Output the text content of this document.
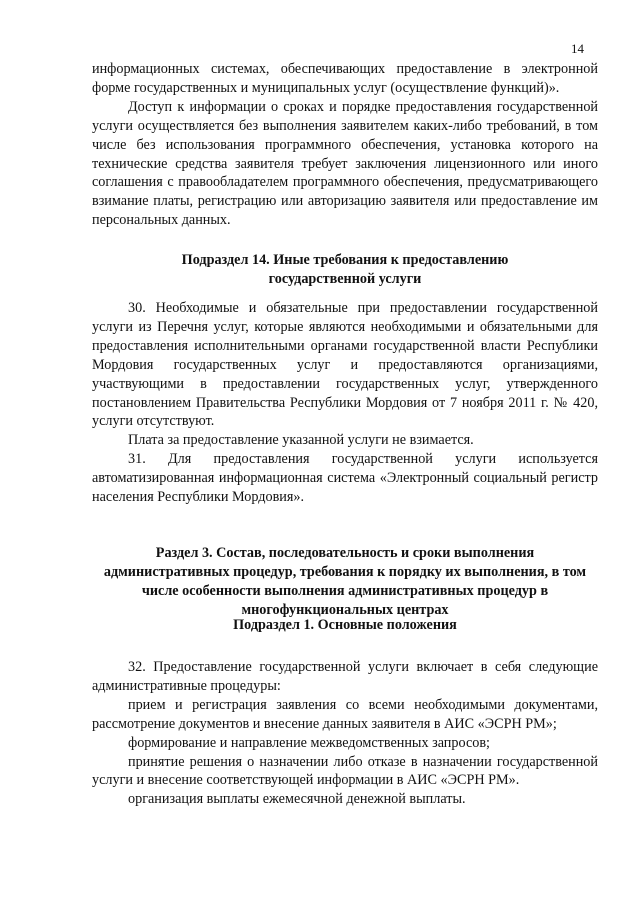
14

информационных системах, обеспечивающих предоставление в электронной форме государственных и муниципальных услуг (осуществление функций)».

Доступ к информации о сроках и порядке предоставления государственной услуги осуществляется без выполнения заявителем каких-либо требований, в том числе без использования программного обеспечения, установка которого на технические средства заявителя требует заключения лицензионного или иного соглашения с правообладателем программного обеспечения, предусматривающего взимание платы, регистрацию или авторизацию заявителя или предоставление им персональных данных.

Подраздел 14. Иные требования к предоставлению государственной услуги

30. Необходимые и обязательные при предоставлении государственной услуги из Перечня услуг, которые являются необходимыми и обязательными для предоставления исполнительными органами государственной власти Республики Мордовия государственных услуг и предоставляются организациями, участвующими в предоставлении государственных услуг, утвержденного постановлением Правительства Республики Мордовия от 7 ноября 2011 г. № 420, услуги отсутствуют.

Плата за предоставление указанной услуги не взимается.

31. Для предоставления государственной услуги используется автоматизированная информационная система «Электронный социальный регистр населения Республики Мордовия».

Раздел 3. Состав, последовательность и сроки выполнения административных процедур, требования к порядку их выполнения, в том числе особенности выполнения административных процедур в многофункциональных центрах

Подраздел 1. Основные положения

32. Предоставление государственной услуги включает в себя следующие административные процедуры:

прием и регистрация заявления со всеми необходимыми документами, рассмотрение документов и внесение данных заявителя в АИС «ЭСРН РМ»;

формирование и направление межведомственных запросов;

принятие решения о назначении либо отказе в назначении государственной услуги и внесение соответствующей информации в АИС «ЭСРН РМ».

организация выплаты ежемесячной денежной выплаты.
